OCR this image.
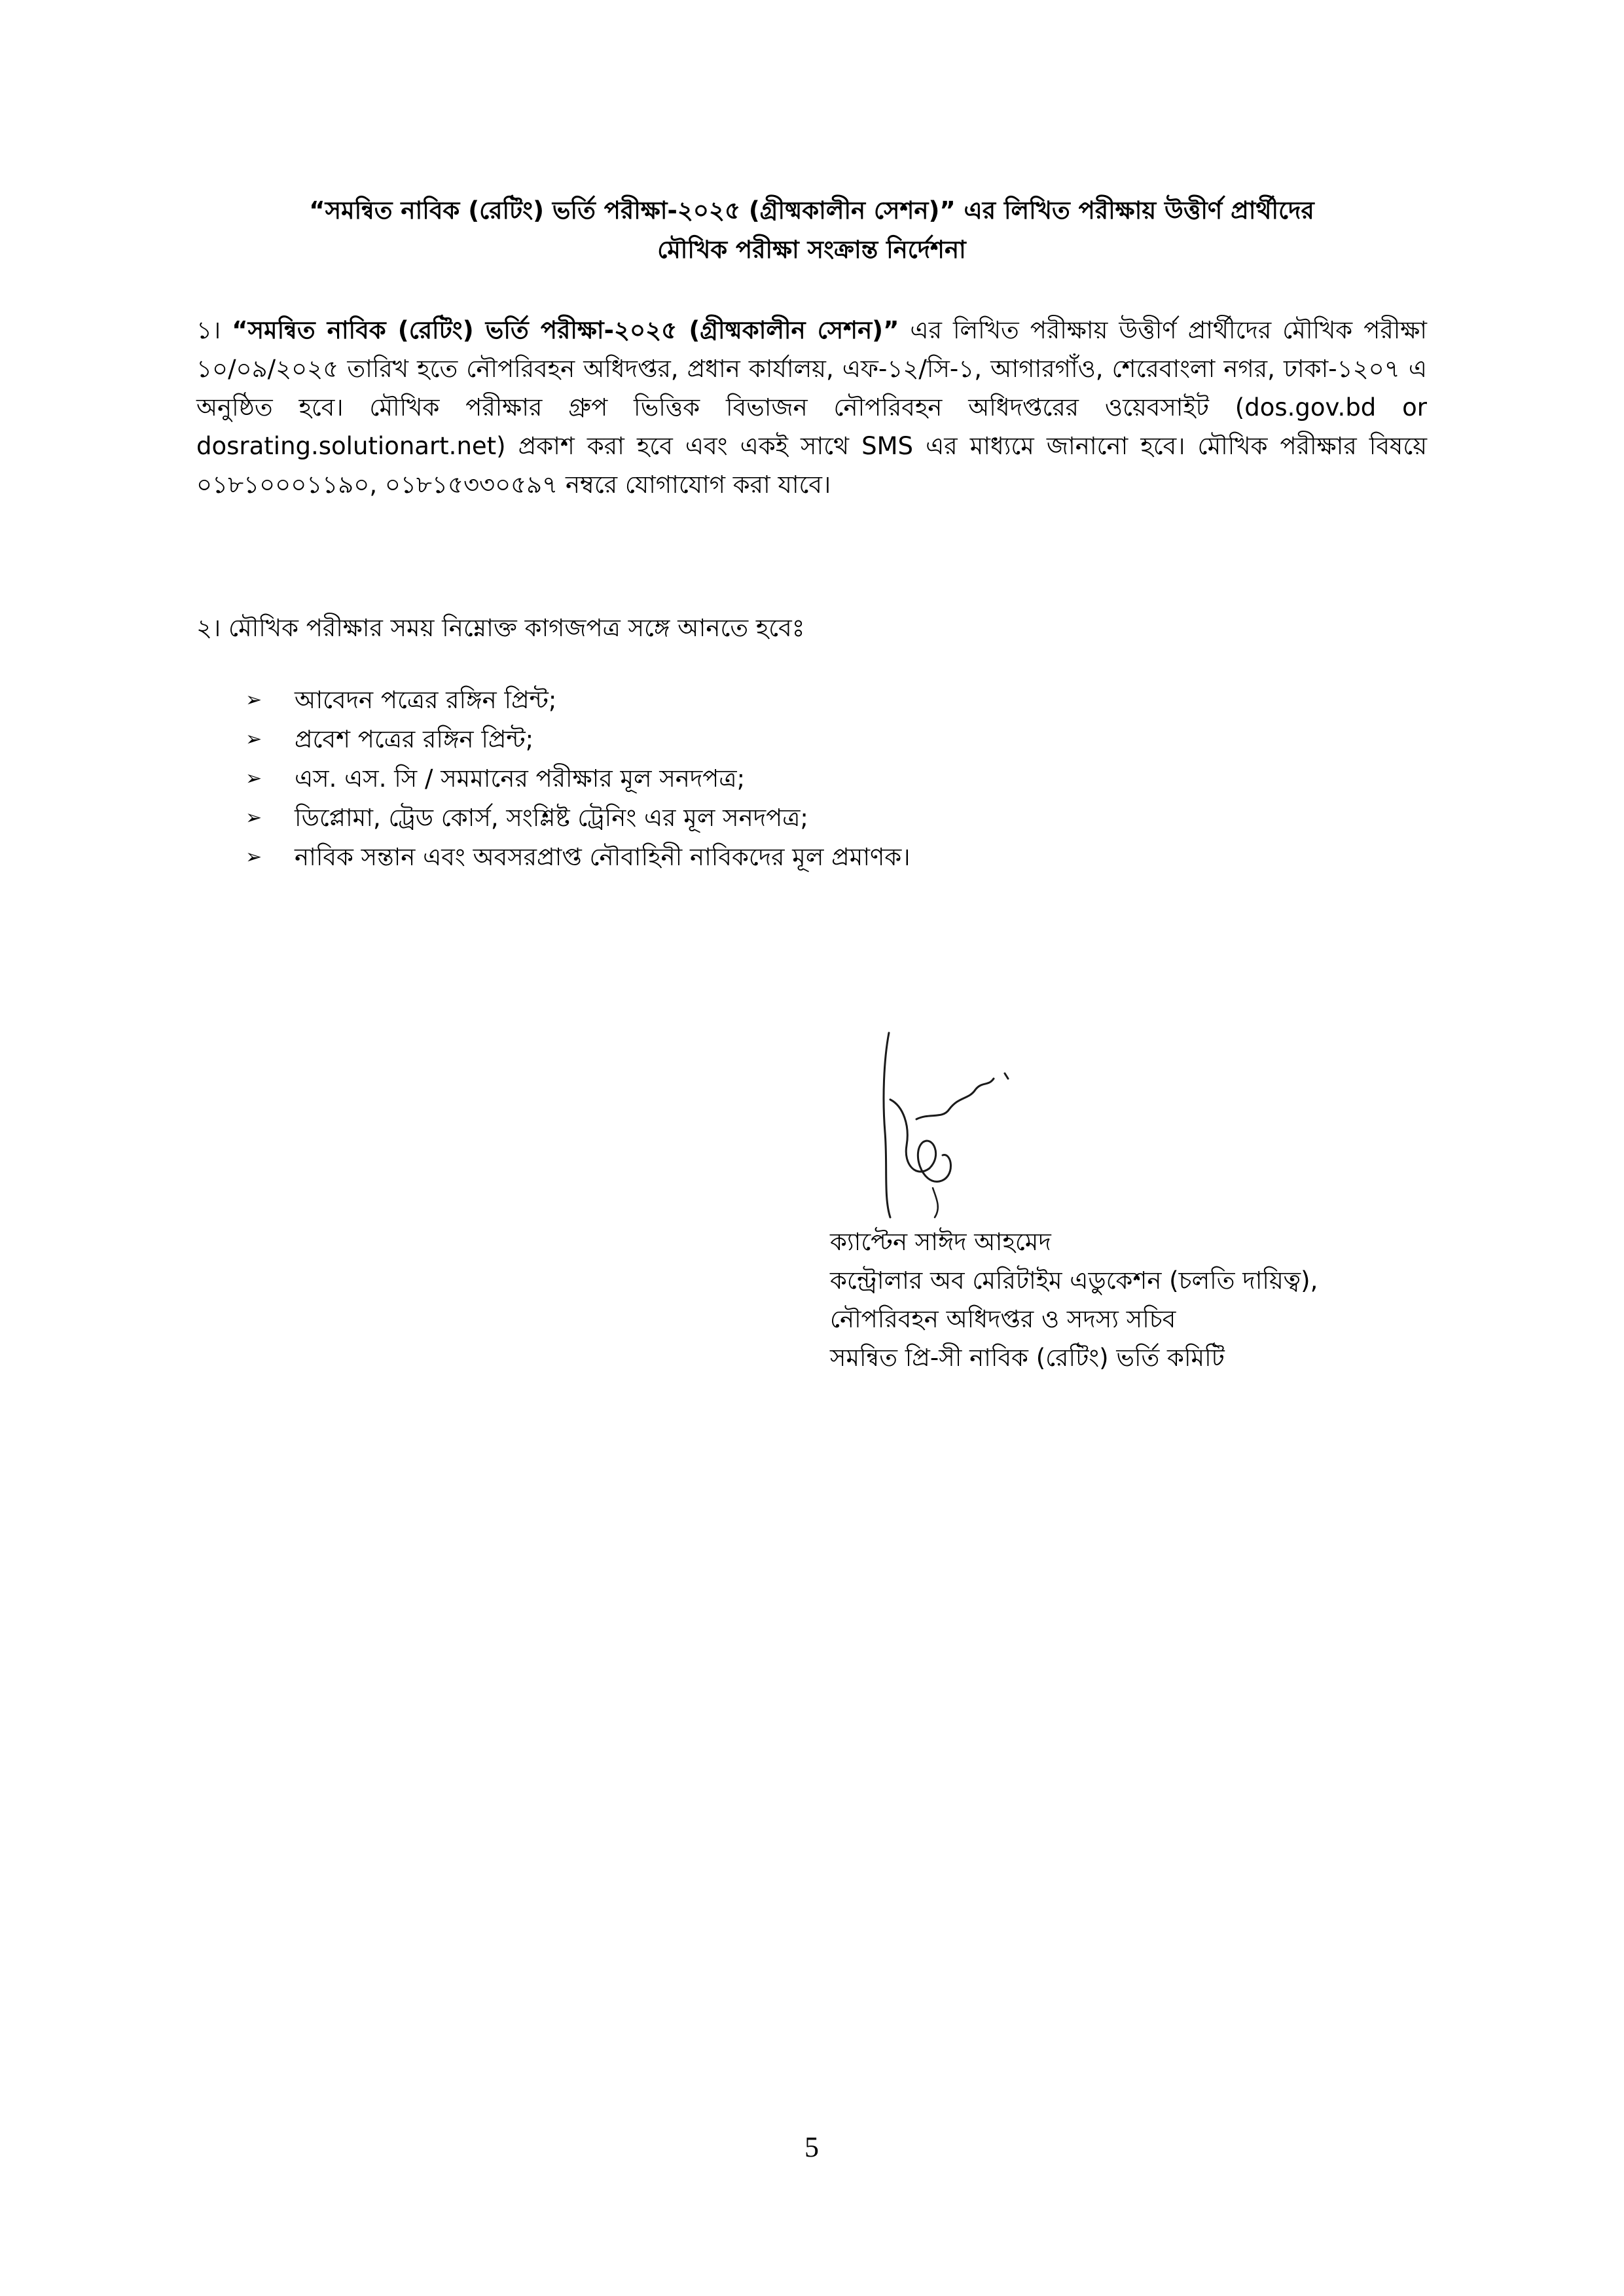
“সমন্বিত নাবিক (রেটিং) ভর্তি পরীক্ষা-২০২৫ (গ্রীষ্মকালীন সেশন)” এর লিখিত পরীক্ষায় উত্তীর্ণ প্রার্থীদের
মৌখিক পরীক্ষা সংক্রান্ত নির্দেশনা

১। “সমন্বিত নাবিক (রেটিং) ভর্তি পরীক্ষা-২০২৫ (গ্রীষ্মকালীন সেশন)” এর লিখিত পরীক্ষায় উত্তীর্ণ প্রার্থীদের মৌখিক পরীক্ষা ১০/০৯/২০২৫ তারিখ হতে নৌপরিবহন অধিদপ্তর, প্রধান কার্যালয়, এফ-১২/সি-১, আগারগাঁও, শেরেবাংলা নগর, ঢাকা-১২০৭ এ অনুষ্ঠিত হবে। মৌখিক পরীক্ষার গ্রুপ ভিত্তিক বিভাজন নৌপরিবহন অধিদপ্তরের ওয়েবসাইট (dos.gov.bd or dosrating.solutionart.net) প্রকাশ করা হবে এবং একই সাথে SMS এর মাধ্যমে জানানো হবে। মৌখিক পরীক্ষার বিষয়ে ০১৮১০০০১১৯০, ০১৮১৫৩৩০৫৯৭ নম্বরে যোগাযোগ করা যাবে।

২। মৌখিক পরীক্ষার সময় নিম্নোক্ত কাগজপত্র সঙ্গে আনতে হবেঃ

➢	আবেদন পত্রের রঙ্গিন প্রিন্ট;
➢	প্রবেশ পত্রের রঙ্গিন প্রিন্ট;
➢	এস. এস. সি / সমমানের পরীক্ষার মূল সনদপত্র;
➢	ডিপ্লোমা, ট্রেড কোর্স, সংশ্লিষ্ট ট্রেনিং এর মূল সনদপত্র;
➢	নাবিক সন্তান এবং অবসরপ্রাপ্ত নৌবাহিনী নাবিকদের মূল প্রমাণক।
ক্যাপ্টেন সাঈদ আহমেদ
কন্ট্রোলার অব মেরিটাইম এডুকেশন (চলতি দায়িত্ব),
নৌপরিবহন অধিদপ্তর ও সদস্য সচিব
সমন্বিত প্রি-সী নাবিক (রেটিং) ভর্তি কমিটি
5
